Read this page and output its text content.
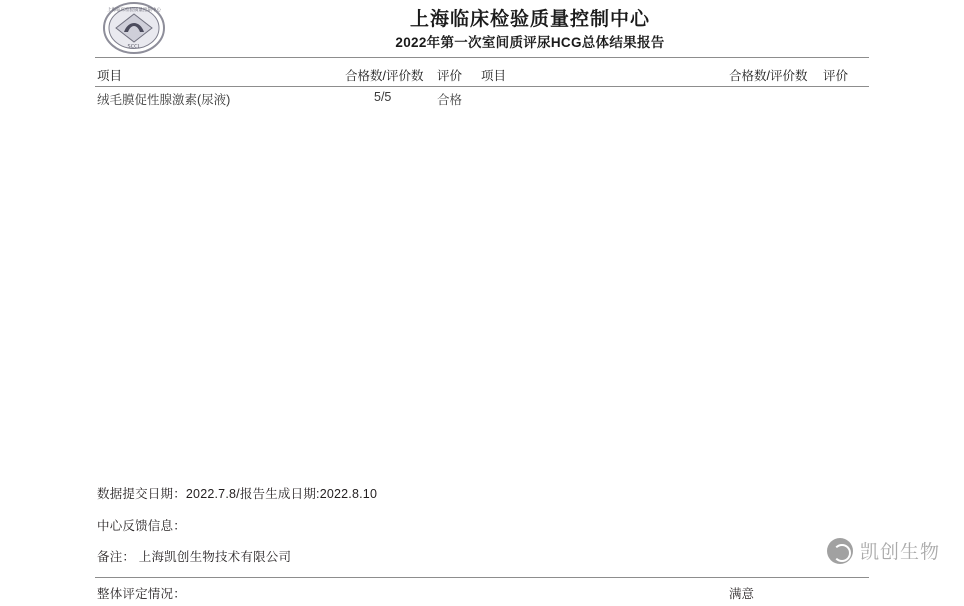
上海临床检验质量控制中心
SCCL
上海临床检验质量控制中心
2022年第一次室间质评尿HCG总体结果报告
项目	合格数/评价数 评价 项目	合格数/评价数 评价
绒毛膜促性腺激素(尿液)	5/5	合格
数据提交日期：2022.7.8/报告生成日期:2022.8.10
中心反馈信息：
备注： 上海凯创生物技术有限公司
整体评定情况：	满意
凯创生物
